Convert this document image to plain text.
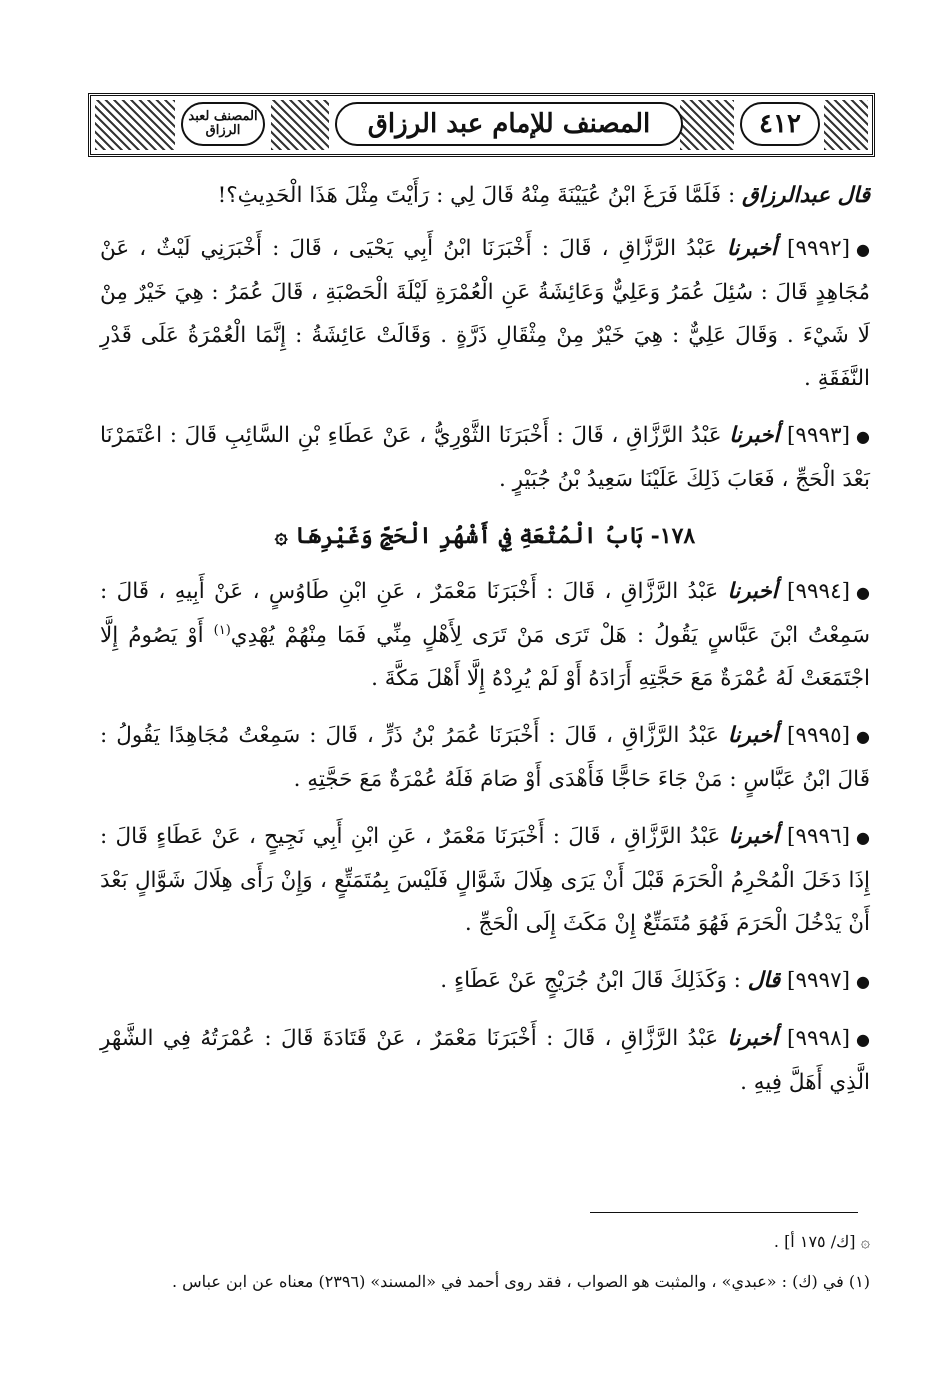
المصنف لعبد الرزاق	المصنف للإمام عبد الرزاق	٤١٢

قال عبدالرزاق : فَلَمَّا فَرَغَ ابْنُ عُيَيْنَةَ مِنْهُ قَالَ لِي : رَأَيْتَ مِثْلَ هَذَا الْحَدِيثِ؟!

●[٩٩٩٢] أخبرنا عَبْدُ الرَّزَّاقِ ، قَالَ : أَخْبَرَنَا ابْنُ أَبِي يَحْيَى ، قَالَ : أَخْبَرَنِي لَيْثٌ ، عَنْ مُجَاهِدٍ قَالَ : سُئِلَ عُمَرُ وَعَلِيٌّ وَعَائِشَةُ عَنِ الْعُمْرَةِ لَيْلَةَ الْحَصْبَةِ ، قَالَ عُمَرُ : هِيَ خَيْرٌ مِنْ لَا شَيْءَ . وَقَالَ عَلِيٌّ : هِيَ خَيْرٌ مِنْ مِثْقَالِ ذَرَّةٍ . وَقَالَتْ عَائِشَةُ : إِنَّمَا الْعُمْرَةُ عَلَى قَدْرِ النَّفَقَةِ .

●[٩٩٩٣] أخبرنا عَبْدُ الرَّزَّاقِ ، قَالَ : أَخْبَرَنَا الثَّوْرِيُّ ، عَنْ عَطَاءِ بْنِ السَّائِبِ قَالَ : اعْتَمَرْنَا بَعْدَ الْحَجِّ ، فَعَابَ ذَلِكَ عَلَيْنَا سَعِيدُ بْنُ جُبَيْرٍ .

١٧٨- بَابُ الْمُتْعَةِ فِي أَشْهُرِ الْحَجِّ وَغَيْرِهَا ۞

●[٩٩٩٤] أخبرنا عَبْدُ الرَّزَّاقِ ، قَالَ : أَخْبَرَنَا مَعْمَرٌ ، عَنِ ابْنِ طَاوُسٍ ، عَنْ أَبِيهِ ، قَالَ : سَمِعْتُ ابْنَ عَبَّاسٍ يَقُولُ : هَلْ تَرَى مَنْ تَرَى لِأَهْلٍ مِنِّي فَمَا مِنْهُمْ يُهْدِي$^{(١)}$ أَوْ يَصُومُ إِلَّا اجْتَمَعَتْ لَهُ عُمْرَةٌ مَعَ حَجَّتِهِ أَرَادَهُ أَوْ لَمْ يُرِدْهُ إِلَّا أَهْلَ مَكَّةَ .

●[٩٩٩٥] أخبرنا عَبْدُ الرَّزَّاقِ ، قَالَ : أَخْبَرَنَا عُمَرُ بْنُ ذَرٍّ ، قَالَ : سَمِعْتُ مُجَاهِدًا يَقُولُ : قَالَ ابْنُ عَبَّاسٍ : مَنْ جَاءَ حَاجًّا فَأَهْدَى أَوْ صَامَ فَلَهُ عُمْرَةٌ مَعَ حَجَّتِهِ .

●[٩٩٩٦] أخبرنا عَبْدُ الرَّزَّاقِ ، قَالَ : أَخْبَرَنَا مَعْمَرٌ ، عَنِ ابْنِ أَبِي نَجِيحٍ ، عَنْ عَطَاءٍ قَالَ : إِذَا دَخَلَ الْمُحْرِمُ الْحَرَمَ قَبْلَ أَنْ يَرَى هِلَالَ شَوَّالٍ فَلَيْسَ بِمُتَمَتِّعٍ ، وَإِنْ رَأَى هِلَالَ شَوَّالٍ بَعْدَ أَنْ يَدْخُلَ الْحَرَمَ فَهُوَ مُتَمَتِّعٌ إِنْ مَكَثَ إِلَى الْحَجِّ .

●[٩٩٩٧] قال : وَكَذَلِكَ قَالَ ابْنُ جُرَيْجٍ عَنْ عَطَاءٍ .

●[٩٩٩٨] أخبرنا عَبْدُ الرَّزَّاقِ ، قَالَ : أَخْبَرَنَا مَعْمَرٌ ، عَنْ قَتَادَةَ قَالَ : عُمْرَتُهُ فِي الشَّهْرِ الَّذِي أَهَلَّ فِيهِ .

۞ [ك/ ١٧٥ أ] .

(١) في (ك) : «عبدي» ، والمثبت هو الصواب ، فقد روى أحمد في «المسند» (٢٣٩٦) معناه عن ابن عباس .
